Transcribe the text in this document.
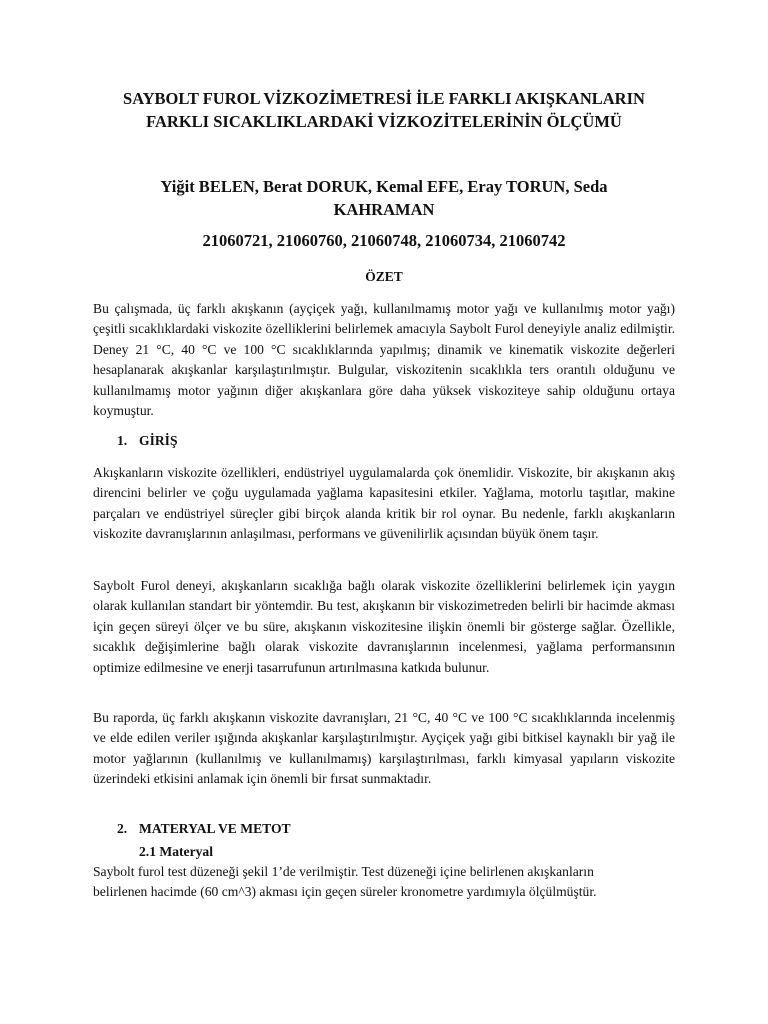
SAYBOLT FUROL VİZKOZİMETRESİ İLE FARKLI AKIŞKANLARIN
FARKLI SICAKLIKLARDAKİ VİZKOZİTELERİNİN ÖLÇÜMÜ

Yiğit BELEN, Berat DORUK, Kemal EFE, Eray TORUN, Seda
KAHRAMAN

21060721, 21060760, 21060748, 21060734, 21060742

ÖZET

Bu çalışmada, üç farklı akışkanın (ayçiçek yağı, kullanılmamış motor yağı ve kullanılmış motor yağı) çeşitli sıcaklıklardaki viskozite özelliklerini belirlemek amacıyla Saybolt Furol deneyiyle analiz edilmiştir. Deney 21 °C, 40 °C ve 100 °C sıcaklıklarında yapılmış; dinamik ve kinematik viskozite değerleri hesaplanarak akışkanlar karşılaştırılmıştır. Bulgular, viskozitenin sıcaklıkla ters orantılı olduğunu ve kullanılmamış motor yağının diğer akışkanlara göre daha yüksek viskoziteye sahip olduğunu ortaya koymuştur.

1. GİRİŞ

Akışkanların viskozite özellikleri, endüstriyel uygulamalarda çok önemlidir. Viskozite, bir akışkanın akış direncini belirler ve çoğu uygulamada yağlama kapasitesini etkiler. Yağlama, motorlu taşıtlar, makine parçaları ve endüstriyel süreçler gibi birçok alanda kritik bir rol oynar. Bu nedenle, farklı akışkanların viskozite davranışlarının anlaşılması, performans ve güvenilirlik açısından büyük önem taşır.

Saybolt Furol deneyi, akışkanların sıcaklığa bağlı olarak viskozite özelliklerini belirlemek için yaygın olarak kullanılan standart bir yöntemdir. Bu test, akışkanın bir viskozimetreden belirli bir hacimde akması için geçen süreyi ölçer ve bu süre, akışkanın viskozitesine ilişkin önemli bir gösterge sağlar. Özellikle, sıcaklık değişimlerine bağlı olarak viskozite davranışlarının incelenmesi, yağlama performansının optimize edilmesine ve enerji tasarrufunun artırılmasına katkıda bulunur.

Bu raporda, üç farklı akışkanın viskozite davranışları, 21 °C, 40 °C ve 100 °C sıcaklıklarında incelenmiş ve elde edilen veriler ışığında akışkanlar karşılaştırılmıştır. Ayçiçek yağı gibi bitkisel kaynaklı bir yağ ile motor yağlarının (kullanılmış ve kullanılmamış) karşılaştırılması, farklı kimyasal yapıların viskozite üzerindeki etkisini anlamak için önemli bir fırsat sunmaktadır.

2. MATERYAL VE METOT
2.1 Materyal

Saybolt furol test düzeneği şekil 1’de verilmiştir. Test düzeneği içine belirlenen akışkanların
belirlenen hacimde (60 cm^3) akması için geçen süreler kronometre yardımıyla ölçülmüştür.
